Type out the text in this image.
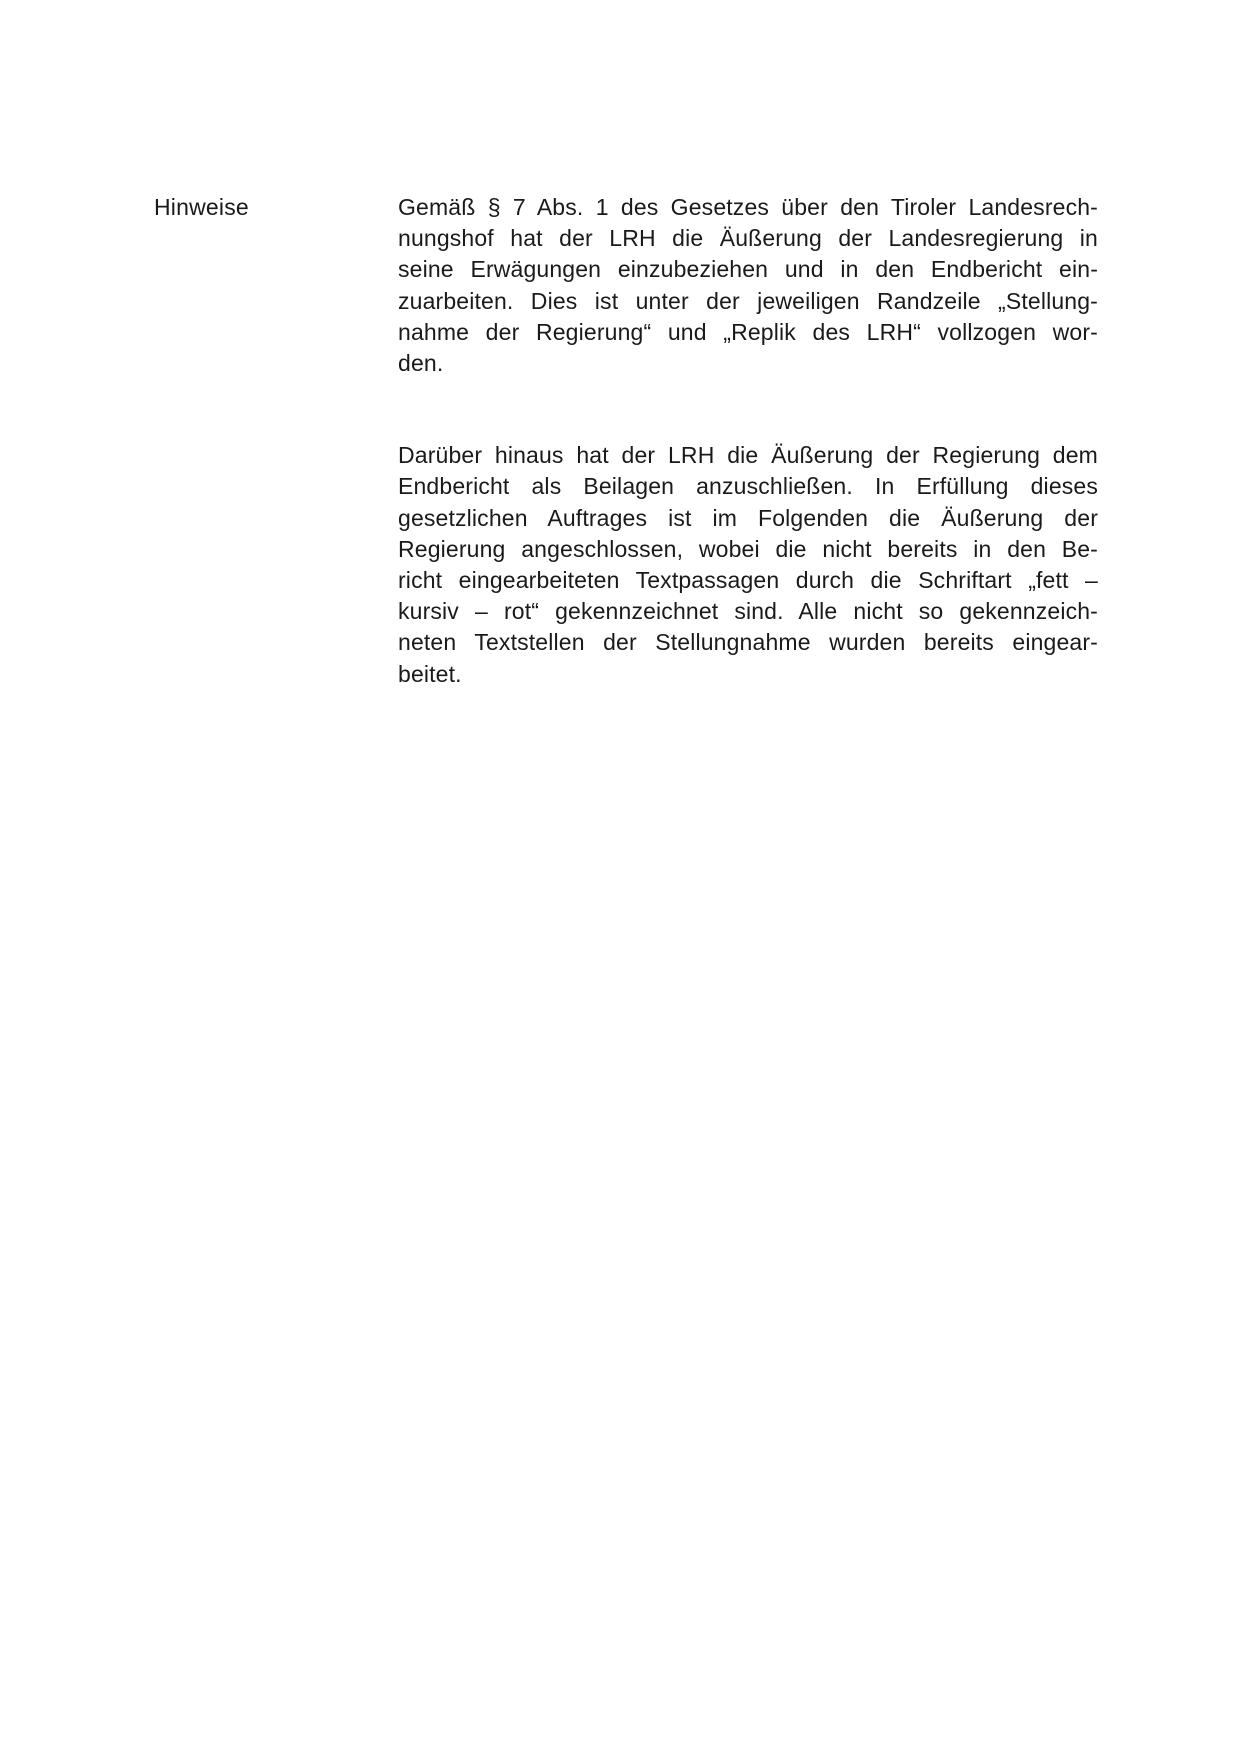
Hinweise	Gemäß § 7 Abs. 1 des Gesetzes über den Tiroler Landesrech-
nungshof hat der LRH die Äußerung der Landesregierung in
seine Erwägungen einzubeziehen und in den Endbericht ein-
zuarbeiten. Dies ist unter der jeweiligen Randzeile „Stellung-
nahme der Regierung“ und „Replik des LRH“ vollzogen wor-
den.

Darüber hinaus hat der LRH die Äußerung der Regierung dem
Endbericht als Beilagen anzuschließen. In Erfüllung dieses
gesetzlichen Auftrages ist im Folgenden die Äußerung der
Regierung angeschlossen, wobei die nicht bereits in den Be-
richt eingearbeiteten Textpassagen durch die Schriftart „fett –
kursiv – rot“ gekennzeichnet sind. Alle nicht so gekennzeich-
neten Textstellen der Stellungnahme wurden bereits eingear-
beitet.
